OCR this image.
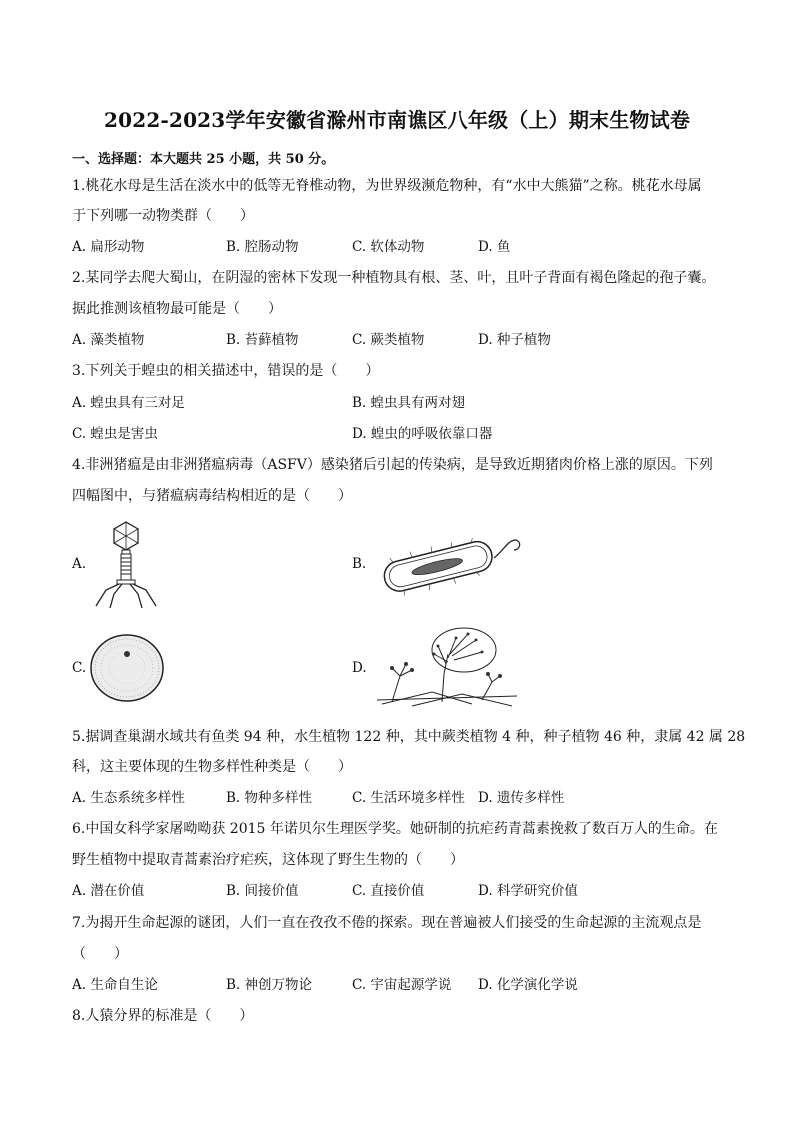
2022-2023学年安徽省滁州市南谯区八年级（上）期末生物试卷
一、选择题：本大题共 25 小题，共 50 分。
1.桃花水母是生活在淡水中的低等无脊椎动物，为世界级濒危物种，有“水中大熊猫”之称。桃花水母属
于下列哪一动物类群（　　）
A. 扁形动物	B. 腔肠动物	C. 软体动物	D. 鱼
2.某同学去爬大蜀山，在阴湿的密林下发现一种植物具有根、茎、叶，且叶子背面有褐色隆起的孢子囊。
据此推测该植物最可能是（　　）
A. 藻类植物	B. 苔藓植物	C. 蕨类植物	D. 种子植物
3.下列关于蝗虫的相关描述中，错误的是（　　）
A. 蝗虫具有三对足	B. 蝗虫具有两对翅
C. 蝗虫是害虫	D. 蝗虫的呼吸依靠口器
4.非洲猪瘟是由非洲猪瘟病毒（ASFV）感染猪后引起的传染病，是导致近期猪肉价格上涨的原因。下列
四幅图中，与猪瘟病毒结构相近的是（　　）
A.	B.
C.	D.
5.据调查巢湖水域共有鱼类 94 种，水生植物 122 种，其中蕨类植物 4 种，种子植物 46 种，隶属 42 属 28
科，这主要体现的生物多样性种类是（　　）
A. 生态系统多样性	B. 物种多样性	C. 生活环境多样性 D. 遗传多样性
6.中国女科学家屠呦呦获 2015 年诺贝尔生理医学奖。她研制的抗疟药青蒿素挽救了数百万人的生命。在
野生植物中提取青蒿素治疗疟疾，这体现了野生生物的（　　）
A. 潜在价值	B. 间接价值	C. 直接价值	D. 科学研究价值
7.为揭开生命起源的谜团，人们一直在孜孜不倦的探索。现在普遍被人们接受的生命起源的主流观点是
（　　）
A. 生命自生论	B. 神创万物论	C. 宇宙起源学说 D. 化学演化学说
8.人猿分界的标准是（　　）
